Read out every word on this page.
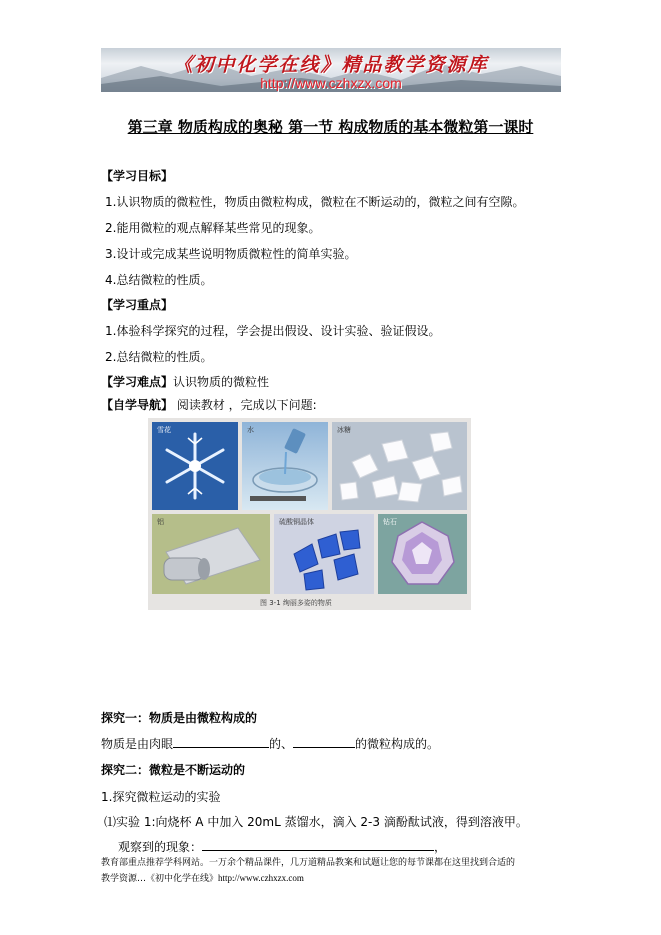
《初中化学在线》精品教学资源库
http://www.czhxzx.com
第三章 物质构成的奥秘 第一节 构成物质的基本微粒第一课时
【学习目标】
1.认识物质的微粒性，物质由微粒构成，微粒在不断运动的，微粒之间有空隙。
2.能用微粒的观点解释某些常见的现象。
3.设计或完成某些说明物质微粒性的简单实验。
4.总结微粒的性质。
【学习重点】
1.体验科学探究的过程，学会提出假设、设计实验、验证假设。
2.总结微粒的性质。
【学习难点】认识物质的微粒性
【自学导航】 阅读教材 ，完成以下问题:
雪花	水	冰糖
铝	硫酸铜晶体	钻石
图 3-1 绚丽多姿的物质
探究一：物质是由微粒构成的
物质是由肉眼	的、	的微粒构成的。
探究二：微粒是不断运动的
1.探究微粒运动的实验
⑴实验 1:向烧杯 A 中加入 20mL 蒸馏水，滴入 2-3 滴酚酞试液，得到溶液甲。
观察到的现象：	，
教育部重点推荐学科网站。一万余个精品课件，几万道精品教案和试题让您的每节课都在这里找到合适的
教学资源…《初中化学在线》http://www.czhxzx.com
